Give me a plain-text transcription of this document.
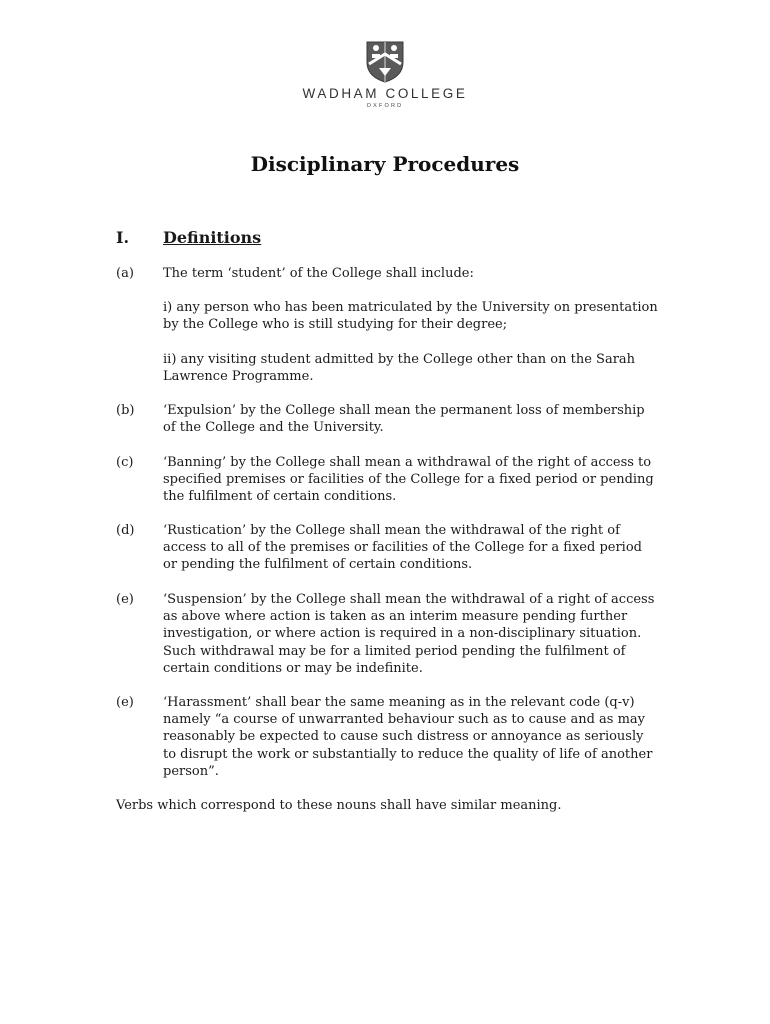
WADHAM COLLEGE
OXFORD
Disciplinary Procedures
I. Definitions
(a)	The term ‘student’ of the College shall include:
i) any person who has been matriculated by the University on presentation by the College who is still studying for their degree;
ii) any visiting student admitted by the College other than on the Sarah Lawrence Programme.
(b)	‘Expulsion’ by the College shall mean the permanent loss of membership of the College and the University.
(c)	‘Banning’ by the College shall mean a withdrawal of the right of access to specified premises or facilities of the College for a fixed period or pending the fulfilment of certain conditions.
(d)	‘Rustication’ by the College shall mean the withdrawal of the right of access to all of the premises or facilities of the College for a fixed period or pending the fulfilment of certain conditions.
(e)	‘Suspension’ by the College shall mean the withdrawal of a right of access as above where action is taken as an interim measure pending further investigation, or where action is required in a non-disciplinary situation. Such withdrawal may be for a limited period pending the fulfilment of certain conditions or may be indefinite.
(e)	‘Harassment’ shall bear the same meaning as in the relevant code (q-v) namely “a course of unwarranted behaviour such as to cause and as may reasonably be expected to cause such distress or annoyance as seriously to disrupt the work or substantially to reduce the quality of life of another person”.
Verbs which correspond to these nouns shall have similar meaning.
